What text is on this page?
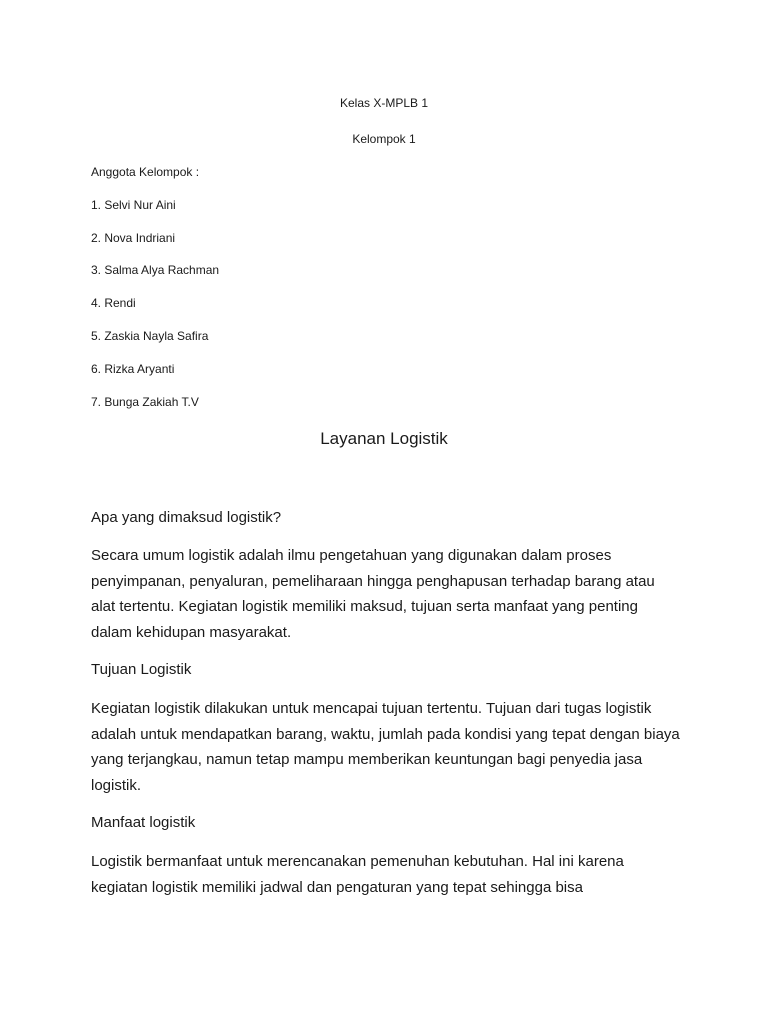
Kelas X-MPLB 1
Kelompok 1
Anggota Kelompok :
1. Selvi Nur Aini
2. Nova Indriani
3. Salma Alya Rachman
4. Rendi
5. Zaskia Nayla Safira
6. Rizka Aryanti
7. Bunga Zakiah T.V
Layanan Logistik
Apa yang dimaksud logistik?
Secara umum logistik adalah ilmu pengetahuan yang digunakan dalam proses penyimpanan, penyaluran, pemeliharaan hingga penghapusan terhadap barang atau alat tertentu. Kegiatan logistik memiliki maksud, tujuan serta manfaat yang penting dalam kehidupan masyarakat.
Tujuan Logistik
Kegiatan logistik dilakukan untuk mencapai tujuan tertentu. Tujuan dari tugas logistik adalah untuk mendapatkan barang, waktu, jumlah pada kondisi yang tepat dengan biaya yang terjangkau, namun tetap mampu memberikan keuntungan bagi penyedia jasa logistik.
Manfaat logistik
Logistik bermanfaat untuk merencanakan pemenuhan kebutuhan. Hal ini karena kegiatan logistik memiliki jadwal dan pengaturan yang tepat sehingga bisa
